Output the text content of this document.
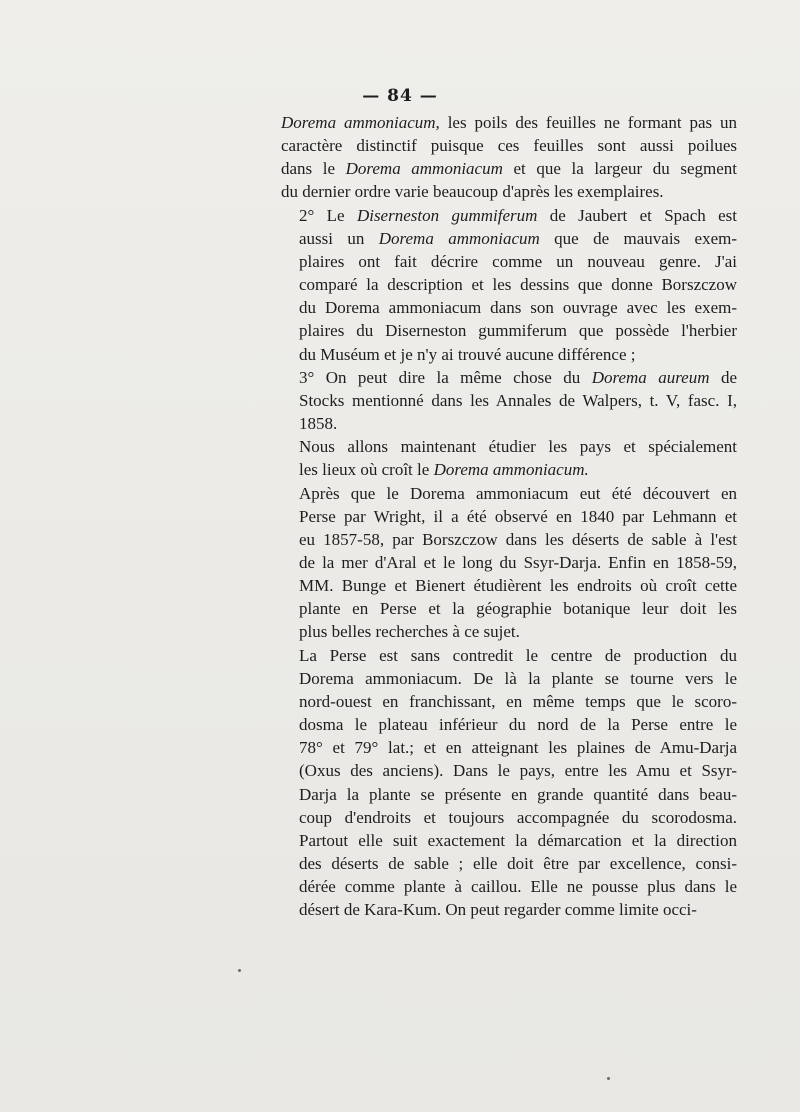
— 84 —

Dorema ammoniacum, les poils des feuilles ne formant pas un
caractère distinctif puisque ces feuilles sont aussi poilues
dans le Dorema ammoniacum et que la largeur du segment
du dernier ordre varie beaucoup d'après les exemplaires.

2° Le Diserneston gummiferum de Jaubert et Spach est
aussi un Dorema ammoniacum que de mauvais exem-
plaires ont fait décrire comme un nouveau genre. J'ai
comparé la description et les dessins que donne Borszczow
du Dorema ammoniacum dans son ouvrage avec les exem-
plaires du Diserneston gummiferum que possède l'herbier
du Muséum et je n'y ai trouvé aucune différence ;

3° On peut dire la même chose du Dorema aureum de
Stocks mentionné dans les Annales de Walpers, t. V, fasc. I,
1858.

Nous allons maintenant étudier les pays et spécialement
les lieux où croît le Dorema ammoniacum.

Après que le Dorema ammoniacum eut été découvert en
Perse par Wright, il a été observé en 1840 par Lehmann et
eu 1857-58, par Borszczow dans les déserts de sable à l'est
de la mer d'Aral et le long du Ssyr-Darja. Enfin en 1858-59,
MM. Bunge et Bienert étudièrent les endroits où croît cette
plante en Perse et la géographie botanique leur doit les
plus belles recherches à ce sujet.

La Perse est sans contredit le centre de production du
Dorema ammoniacum. De là la plante se tourne vers le
nord-ouest en franchissant, en même temps que le scoro-
dosma le plateau inférieur du nord de la Perse entre le
78° et 79° lat.; et en atteignant les plaines de Amu-Darja
(Oxus des anciens). Dans le pays, entre les Amu et Ssyr-
Darja la plante se présente en grande quantité dans beau-
coup d'endroits et toujours accompagnée du scorodosma.
Partout elle suit exactement la démarcation et la direction
des déserts de sable ; elle doit être par excellence, consi-
dérée comme plante à caillou. Elle ne pousse plus dans le
désert de Kara-Kum. On peut regarder comme limite occi-
